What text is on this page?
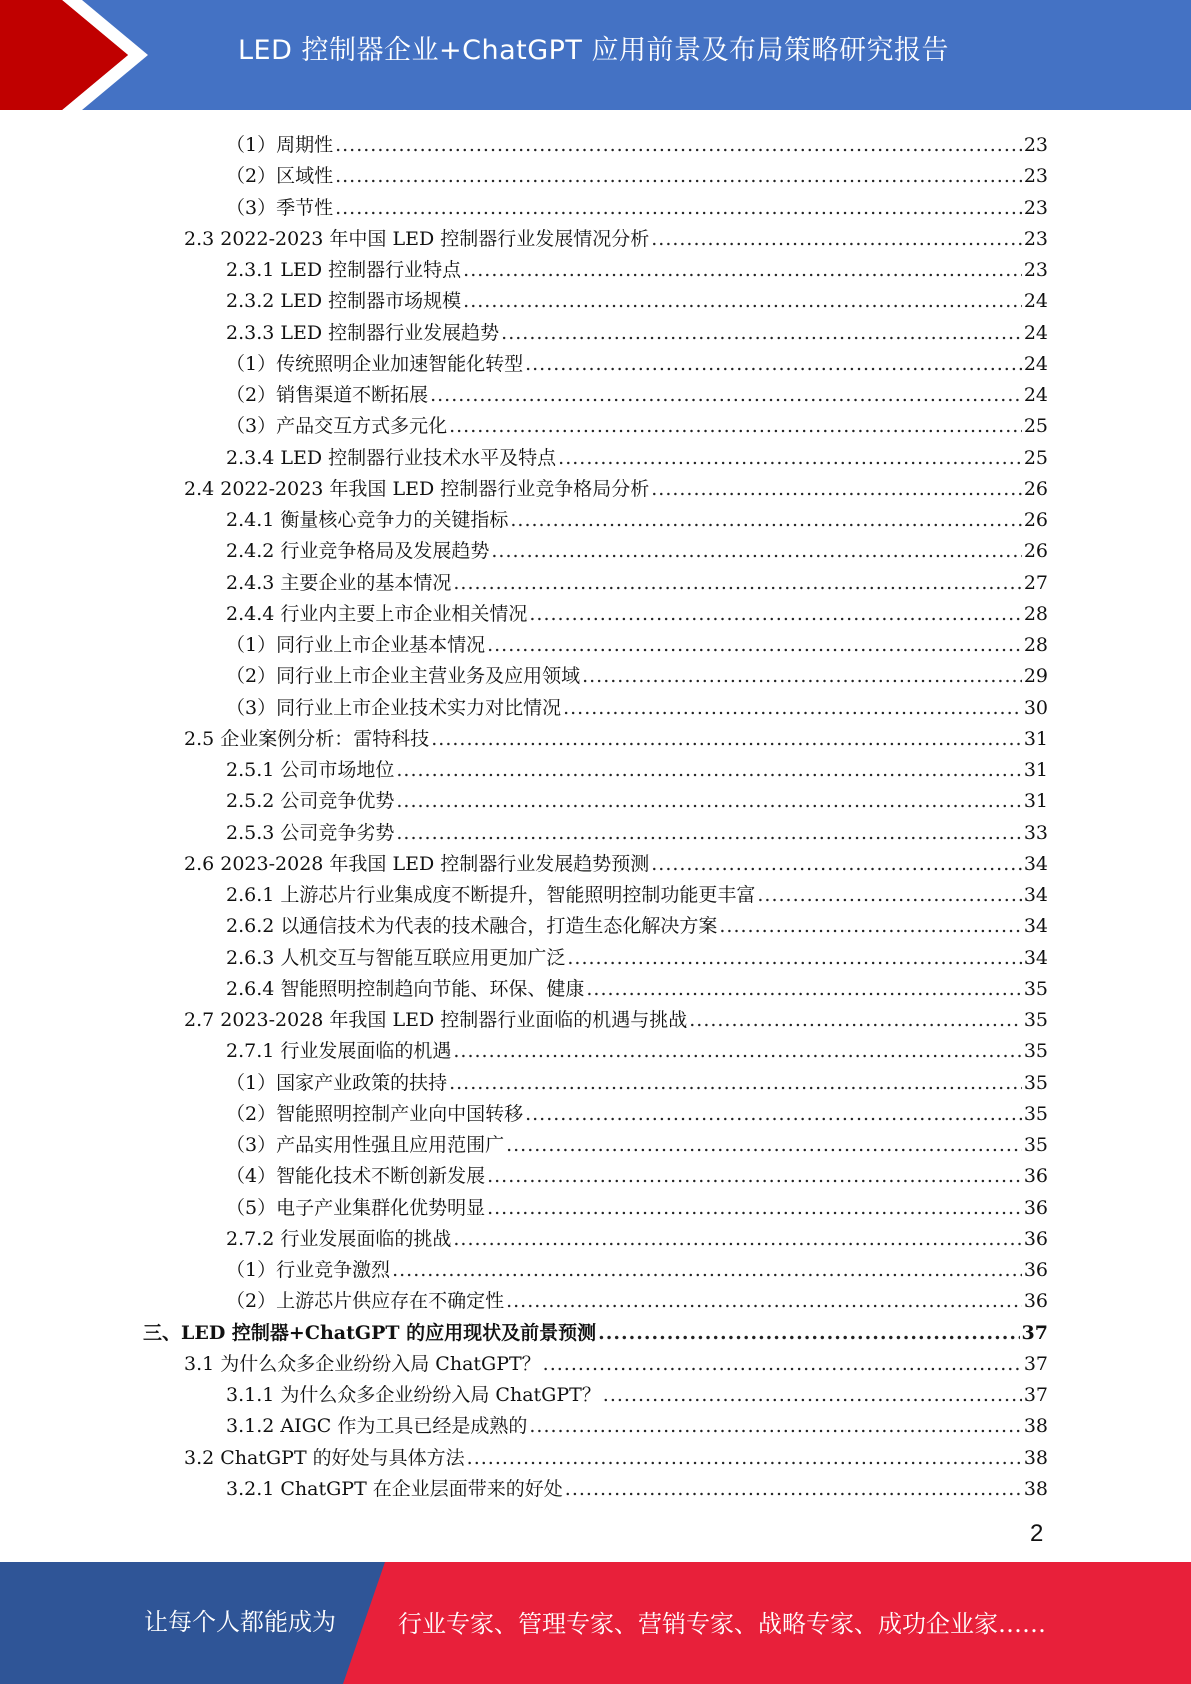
LED 控制器企业+ChatGPT 应用前景及布局策略研究报告
（1）周期性 .....	23
（2）区域性 .....	23
（3）季节性 .....	23
2.3 2022-2023 年中国 LED 控制器行业发展情况分析 .....	23
2.3.1 LED 控制器行业特点 .....	23
2.3.2 LED 控制器市场规模 .....	24
2.3.3 LED 控制器行业发展趋势 .....	24
（1）传统照明企业加速智能化转型 .....	24
（2）销售渠道不断拓展 .....	24
（3）产品交互方式多元化 .....	25
2.3.4 LED 控制器行业技术水平及特点 .....	25
2.4 2022-2023 年我国 LED 控制器行业竞争格局分析 .....	26
2.4.1 衡量核心竞争力的关键指标 .....	26
2.4.2 行业竞争格局及发展趋势 .....	26
2.4.3 主要企业的基本情况 .....	27
2.4.4 行业内主要上市企业相关情况 .....	28
（1）同行业上市企业基本情况 .....	28
（2）同行业上市企业主营业务及应用领域 .....	29
（3）同行业上市企业技术实力对比情况 .....	30
2.5 企业案例分析：雷特科技 .....	31
2.5.1 公司市场地位 .....	31
2.5.2 公司竞争优势 .....	31
2.5.3 公司竞争劣势 .....	33
2.6 2023-2028 年我国 LED 控制器行业发展趋势预测 .....	34
2.6.1 上游芯片行业集成度不断提升，智能照明控制功能更丰富 .....	34
2.6.2 以通信技术为代表的技术融合，打造生态化解决方案 .....	34
2.6.3 人机交互与智能互联应用更加广泛 .....	34
2.6.4 智能照明控制趋向节能、环保、健康 .....	35
2.7 2023-2028 年我国 LED 控制器行业面临的机遇与挑战 .....	35
2.7.1 行业发展面临的机遇 .....	35
（1）国家产业政策的扶持 .....	35
（2）智能照明控制产业向中国转移 .....	35
（3）产品实用性强且应用范围广 .....	35
（4）智能化技术不断创新发展 .....	36
（5）电子产业集群化优势明显 .....	36
2.7.2 行业发展面临的挑战 .....	36
（1）行业竞争激烈 .....	36
（2）上游芯片供应存在不确定性 .....	36
三、LED 控制器+ChatGPT 的应用现状及前景预测 .....	37
3.1 为什么众多企业纷纷入局 ChatGPT？ .....	37
3.1.1 为什么众多企业纷纷入局 ChatGPT？ .....	37
3.1.2 AIGC 作为工具已经是成熟的 .....	38
3.2 ChatGPT 的好处与具体方法 .....	38
3.2.1 ChatGPT 在企业层面带来的好处 .....	38
2
让每个人都能成为	行业专家、管理专家、营销专家、战略专家、成功企业家……
